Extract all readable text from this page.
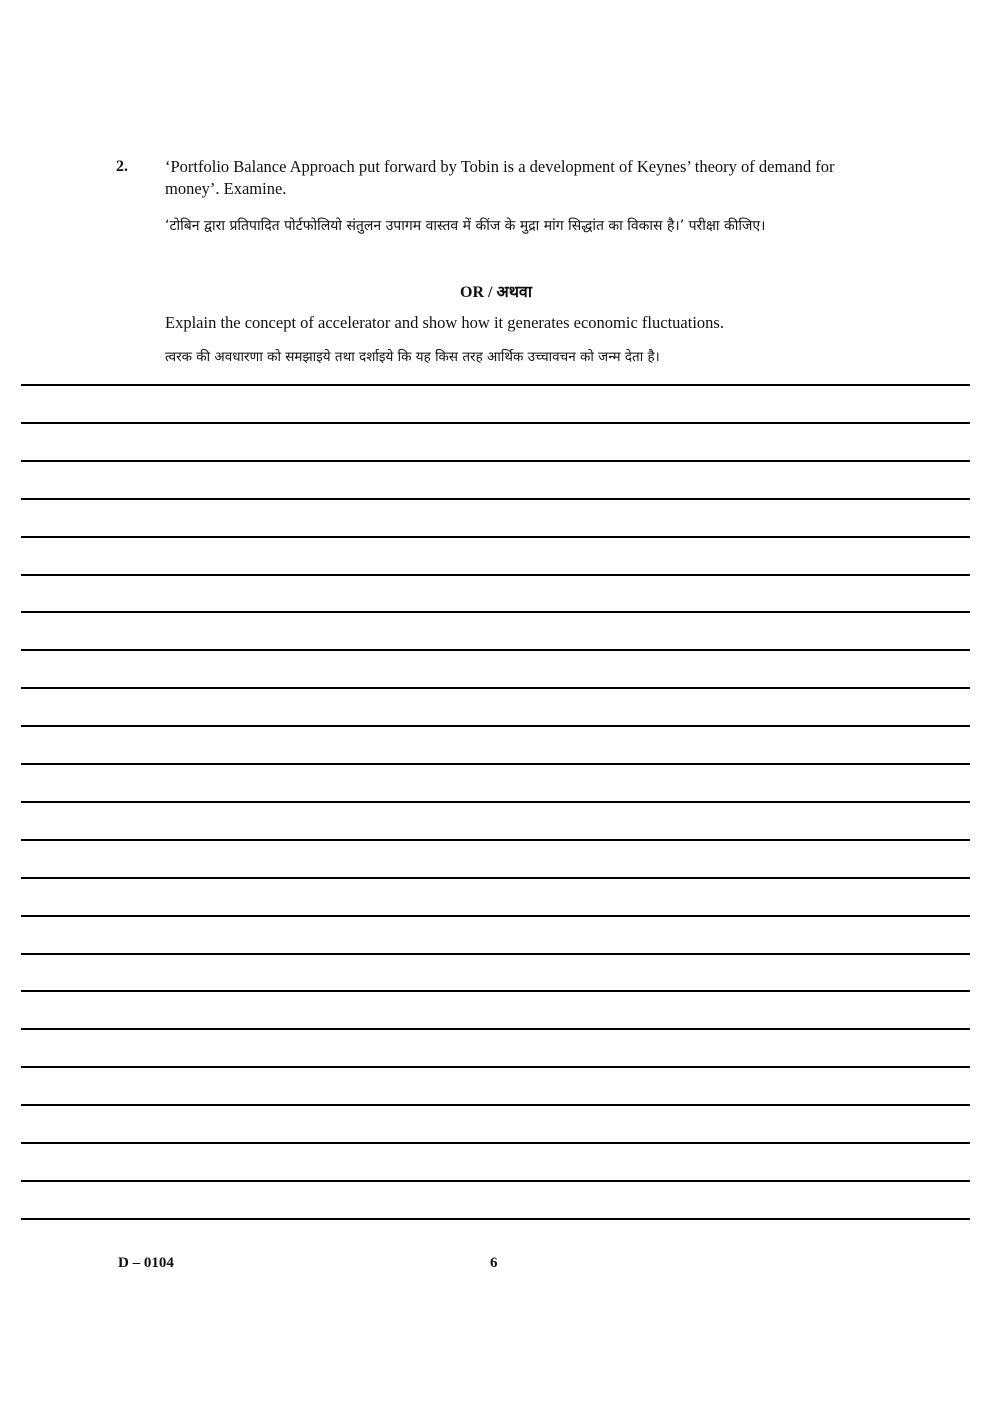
2. ‘Portfolio Balance Approach put forward by Tobin is a development of Keynes’ theory of demand for money’. Examine.
‘टोबिन द्वारा प्रतिपादित पोर्टफोलियो संतुलन उपागम वास्तव में कींज के मुद्रा मांग सिद्धांत का विकास है।’ परीक्षा कीजिए।
OR / अथवा
Explain the concept of accelerator and show how it generates economic fluctuations.
त्वरक की अवधारणा को समझाइये तथा दर्शाइये कि यह किस तरह आर्थिक उच्चावचन को जन्म देता है।
D – 0104	6
